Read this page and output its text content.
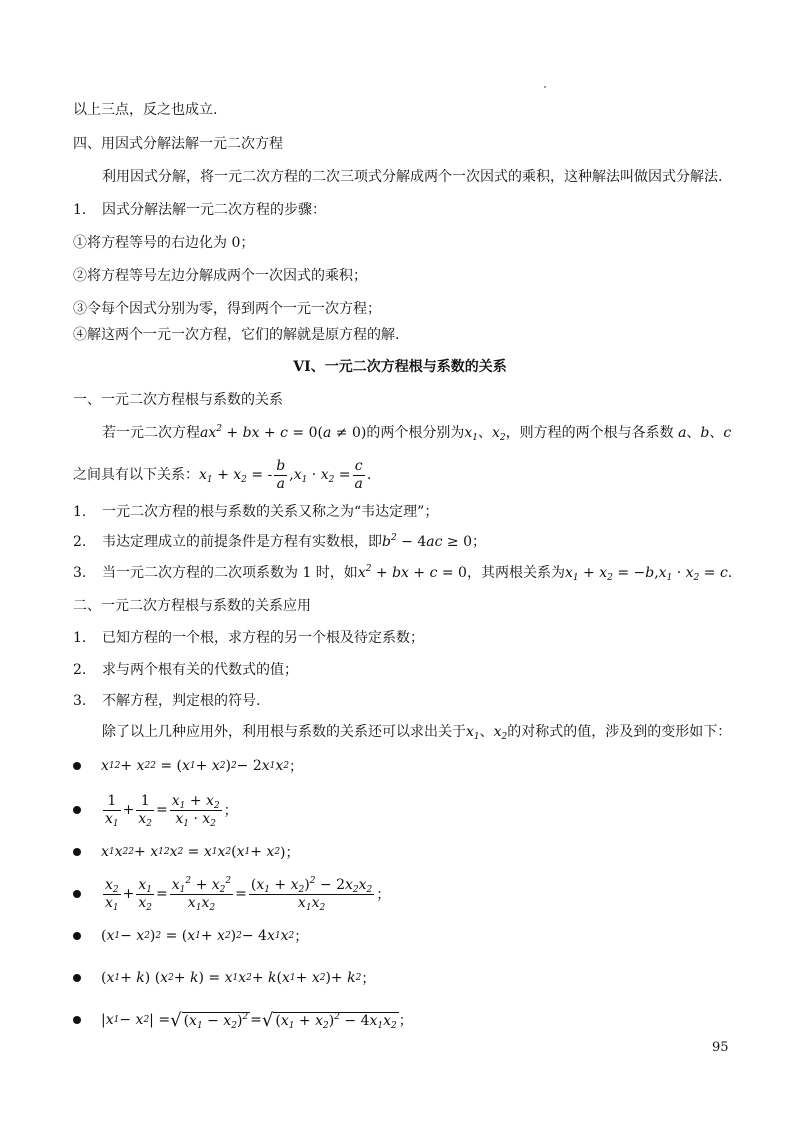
以上三点，反之也成立.
四、用因式分解法解一元二次方程
利用因式分解，将一元二次方程的二次三项式分解成两个一次因式的乘积，这种解法叫做因式分解法.
1. 因式分解法解一元二次方程的步骤：
①将方程等号的右边化为 0；
②将方程等号左边分解成两个一次因式的乘积；
③令每个因式分别为零，得到两个一元一次方程；
④解这两个一元一次方程，它们的解就是原方程的解.
VI、一元二次方程根与系数的关系
一、一元二次方程根与系数的关系
若一元二次方程$ax^2$ + bx + c = 0(a ≠ 0)的两个根分别为$x_1$、$x_2$，则方程的两个根与各系数 a、b、c
之间具有以下关系： $x_1 + x_2$ = - $\frac{b}{a} ,x_1 \cdot x_2 = \frac{c}{a}$ .
1. 一元二次方程的根与系数的关系又称之为“韦达定理”；
2. 韦达定理成立的前提条件是方程有实数根，即$b^2 - 4ac \ge 0$；
3. 当一元二次方程的二次项系数为 1 时，如$x^2$ + bx + c = 0，其两根关系为$x_1 + x_2 = -b,x_1 \cdot x_2 = c$.
二、一元二次方程根与系数的关系应用
1. 已知方程的一个根，求方程的另一个根及待定系数；
2. 求与两个根有关的代数式的值；
3. 不解方程，判定根的符号.
除了以上几种应用外，利用根与系数的关系还可以求出关于$x_1$、$x_2$的对称式的值，涉及到的变形如下：
x 1 2 + x 2 2 = ( x 1 + x 2 ) 2 − 2 x 1 x 2 ；
$\frac{1}{x_1} + \frac{1}{x_2} = \frac{x_1 + x_2}{x_1 \cdot x_2}$ ；
x 1 x 2 2 + x 1 2 x 2 = x 1 x 2 ( x 1 + x 2 )；
$\frac{x_2}{x_1} + \frac{x_1}{x_2} = \frac{x_1^2 + x_2^2}{x_1x_2} = \frac{(x_1 + x_2)^2 - 2x_2x_2}{x_1x_2}$ ；
( x 1 − x 2 ) 2 = ( x 1 + x 2 ) 2 − 4 x 1 x 2 ；
( x 1 + k ) ( x 2 + k ) = x 1 x 2 + k ( x 1 + x 2 ) + k 2 ；
| x 1 − x 2 | = √ $(x_1 - x_2)^2$ = √ $(x_1 + x_2)^2 - 4x_1x_2$ ；
95
